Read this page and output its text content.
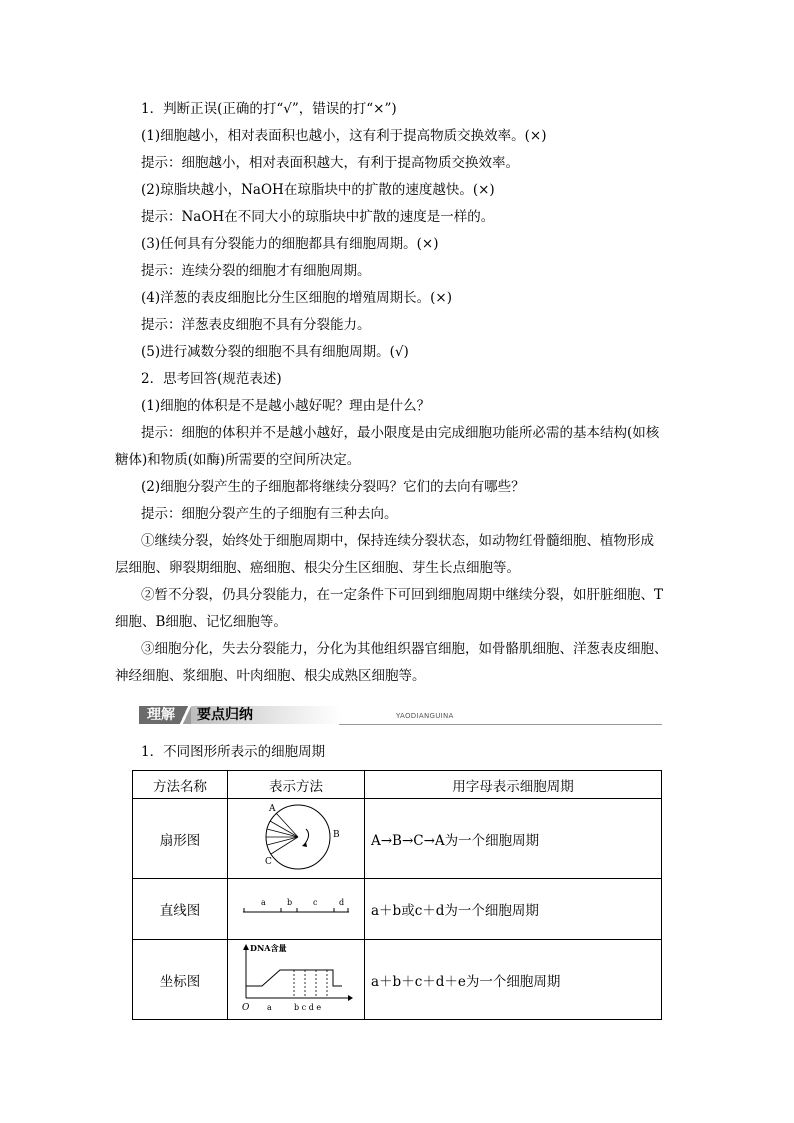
1．判断正误(正确的打“√”，错误的打“×”)
(1)细胞越小，相对表面积也越小，这有利于提高物质交换效率。(×)
提示：细胞越小，相对表面积越大，有利于提高物质交换效率。
(2)琼脂块越小，NaOH在琼脂块中的扩散的速度越快。(×)
提示：NaOH在不同大小的琼脂块中扩散的速度是一样的。
(3)任何具有分裂能力的细胞都具有细胞周期。(×)
提示：连续分裂的细胞才有细胞周期。
(4)洋葱的表皮细胞比分生区细胞的增殖周期长。(×)
提示：洋葱表皮细胞不具有分裂能力。
(5)进行减数分裂的细胞不具有细胞周期。(√)
2．思考回答(规范表述)
(1)细胞的体积是不是越小越好呢？理由是什么？
提示：细胞的体积并不是越小越好，最小限度是由完成细胞功能所必需的基本结构(如核
糖体)和物质(如酶)所需要的空间所决定。
(2)细胞分裂产生的子细胞都将继续分裂吗？它们的去向有哪些？
提示：细胞分裂产生的子细胞有三种去向。
①继续分裂，始终处于细胞周期中，保持连续分裂状态，如动物红骨髓细胞、植物形成
层细胞、卵裂期细胞、癌细胞、根尖分生区细胞、芽生长点细胞等。
②暂不分裂，仍具分裂能力，在一定条件下可回到细胞周期中继续分裂，如肝脏细胞、T
细胞、B细胞、记忆细胞等。
③细胞分化，失去分裂能力，分化为其他组织器官细胞，如骨骼肌细胞、洋葱表皮细胞、
神经细胞、浆细胞、叶肉细胞、根尖成熟区细胞等。
理解	要点归纳	YAODIANGUINA
1．不同图形所表示的细胞周期
方法名称	表示方法	用字母表示细胞周期
扇形图	A
B
C	A→B→C→A为一个细胞周期
直线图	a b c d	a＋b或c＋d为一个细胞周期
坐标图	DNA含量
O a b c d e	a＋b＋c＋d＋e为一个细胞周期
